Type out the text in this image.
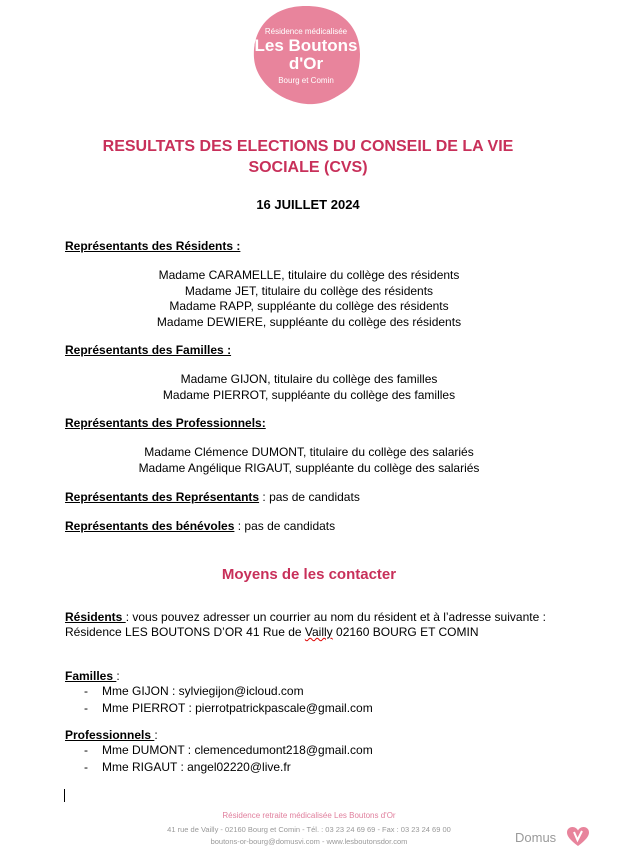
Résidence médicalisée
Les Boutons
d'Or
Bourg et Comin
RESULTATS DES ELECTIONS DU CONSEIL DE LA VIE
SOCIALE (CVS)
16 JUILLET 2024
Représentants des Résidents :
Madame CARAMELLE, titulaire du collège des résidents
Madame JET, titulaire du collège des résidents
Madame RAPP, suppléante du collège des résidents
Madame DEWIERE, suppléante du collège des résidents
Représentants des Familles :
Madame GIJON, titulaire du collège des familles
Madame PIERROT, suppléante du collège des familles
Représentants des Professionnels:
Madame Clémence DUMONT, titulaire du collège des salariés
Madame Angélique RIGAUT, suppléante du collège des salariés
Représentants des Représentants : pas de candidats
Représentants des bénévoles : pas de candidats
Moyens de les contacter
Résidents : vous pouvez adresser un courrier au nom du résident et à l’adresse suivante : Résidence LES BOUTONS D’OR 41 Rue de Vailly 02160 BOURG ET COMIN
Familles :
- Mme GIJON : sylviegijon@icloud.com
- Mme PIERROT : pierrotpatrickpascale@gmail.com
Professionnels :
- Mme DUMONT : clemencedumont218@gmail.com
- Mme RIGAUT : angel02220@live.fr
Résidence retraite médicalisée Les Boutons d'Or
41 rue de Vailly - 02160 Bourg et Comin - Tél. : 03 23 24 69 69 - Fax : 03 23 24 69 00
boutons-or-bourg@domusvi.com - www.lesboutonsdor.com	Domus
